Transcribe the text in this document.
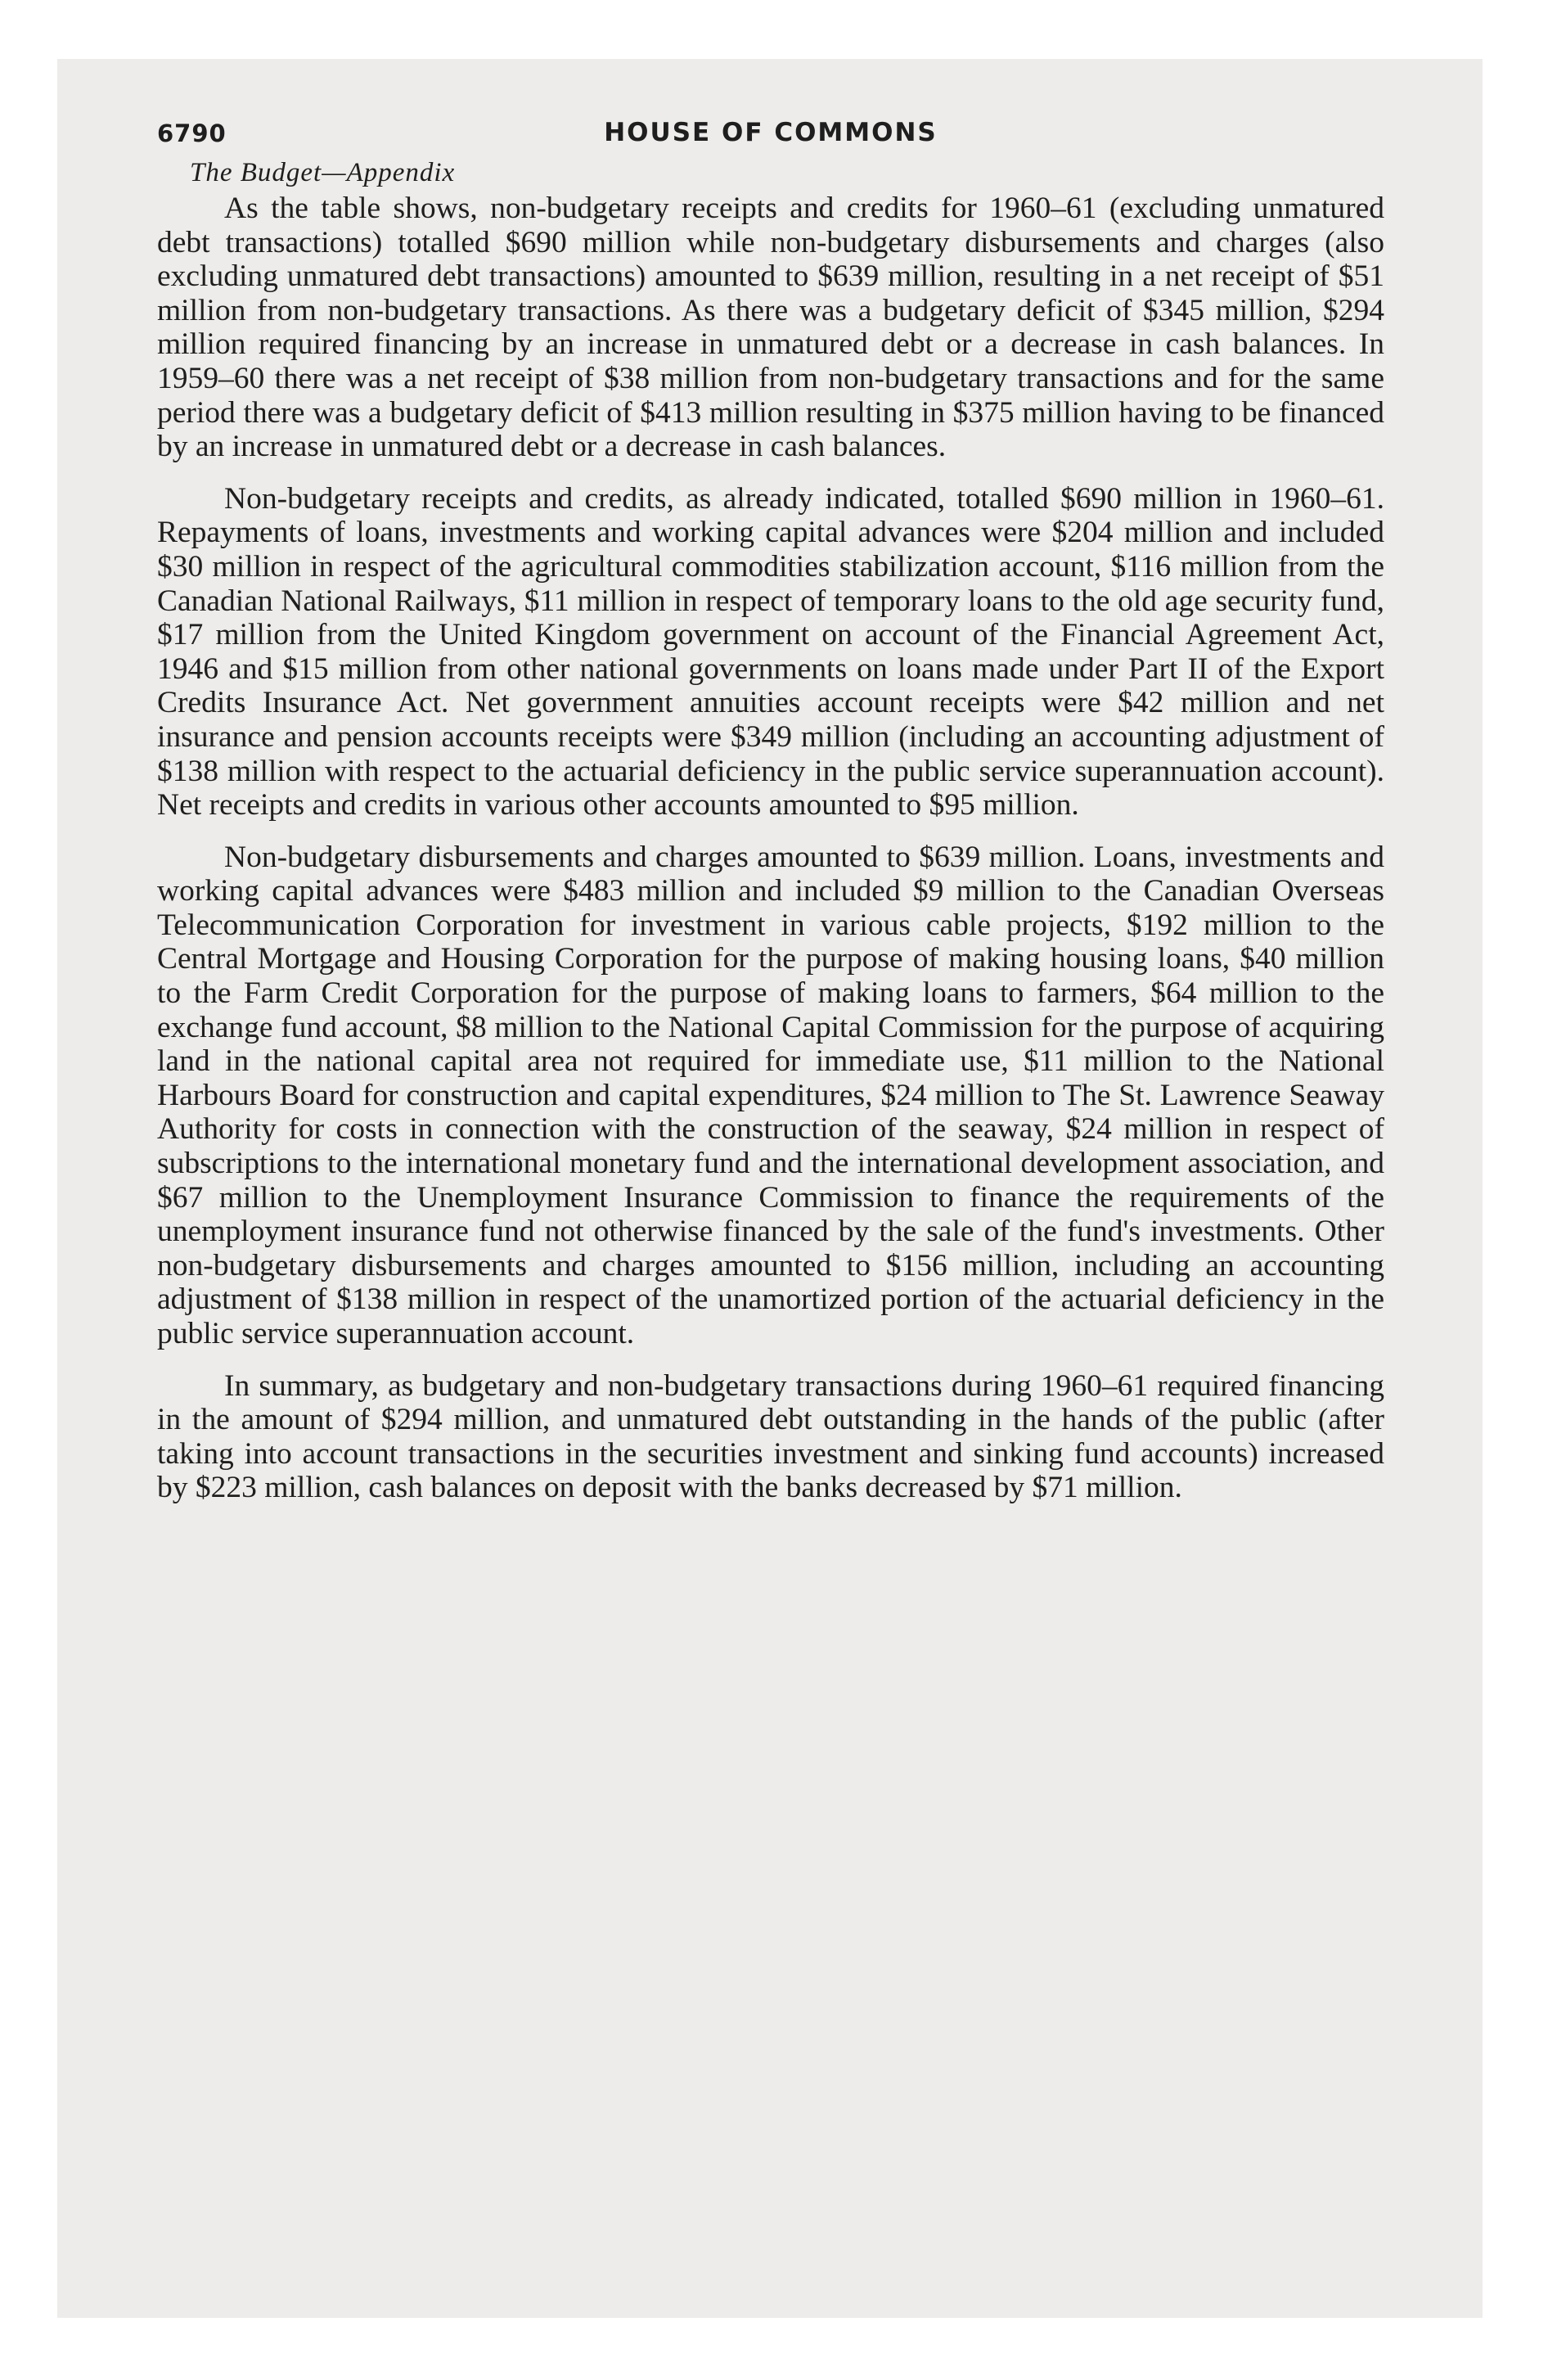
6790	HOUSE OF COMMONS

The Budget—Appendix

As the table shows, non-budgetary receipts and credits for 1960–61 (excluding unmatured debt transactions) totalled $690 million while non-budgetary disbursements and charges (also excluding unmatured debt transactions) amounted to $639 million, resulting in a net receipt of $51 million from non-budgetary transactions. As there was a budgetary deficit of $345 million, $294 million required financing by an increase in unmatured debt or a decrease in cash balances. In 1959–60 there was a net receipt of $38 million from non-budgetary transactions and for the same period there was a budgetary deficit of $413 million resulting in $375 million having to be financed by an increase in unmatured debt or a decrease in cash balances.

Non-budgetary receipts and credits, as already indicated, totalled $690 million in 1960–61. Repayments of loans, investments and working capital advances were $204 million and included $30 million in respect of the agricultural commodities stabilization account, $116 million from the Canadian National Railways, $11 million in respect of temporary loans to the old age security fund, $17 million from the United Kingdom government on account of the Financial Agreement Act, 1946 and $15 million from other national governments on loans made under Part II of the Export Credits Insurance Act. Net government annuities account receipts were $42 million and net insurance and pension accounts receipts were $349 million (including an accounting adjustment of $138 million with respect to the actuarial deficiency in the public service superannuation account). Net receipts and credits in various other accounts amounted to $95 million.

Non-budgetary disbursements and charges amounted to $639 million. Loans, investments and working capital advances were $483 million and included $9 million to the Canadian Overseas Telecommunication Corporation for investment in various cable projects, $192 million to the Central Mortgage and Housing Corporation for the purpose of making housing loans, $40 million to the Farm Credit Corporation for the purpose of making loans to farmers, $64 million to the exchange fund account, $8 million to the National Capital Commission for the purpose of acquiring land in the national capital area not required for immediate use, $11 million to the National Harbours Board for construction and capital expenditures, $24 million to The St. Lawrence Seaway Authority for costs in connection with the construction of the seaway, $24 million in respect of subscriptions to the international monetary fund and the international development association, and $67 million to the Unemployment Insurance Commission to finance the requirements of the unemployment insurance fund not otherwise financed by the sale of the fund's investments. Other non-budgetary disbursements and charges amounted to $156 million, including an accounting adjustment of $138 million in respect of the unamortized portion of the actuarial deficiency in the public service superannuation account.

In summary, as budgetary and non-budgetary transactions during 1960–61 required financing in the amount of $294 million, and unmatured debt outstanding in the hands of the public (after taking into account transactions in the securities investment and sinking fund accounts) increased by $223 million, cash balances on deposit with the banks decreased by $71 million.
